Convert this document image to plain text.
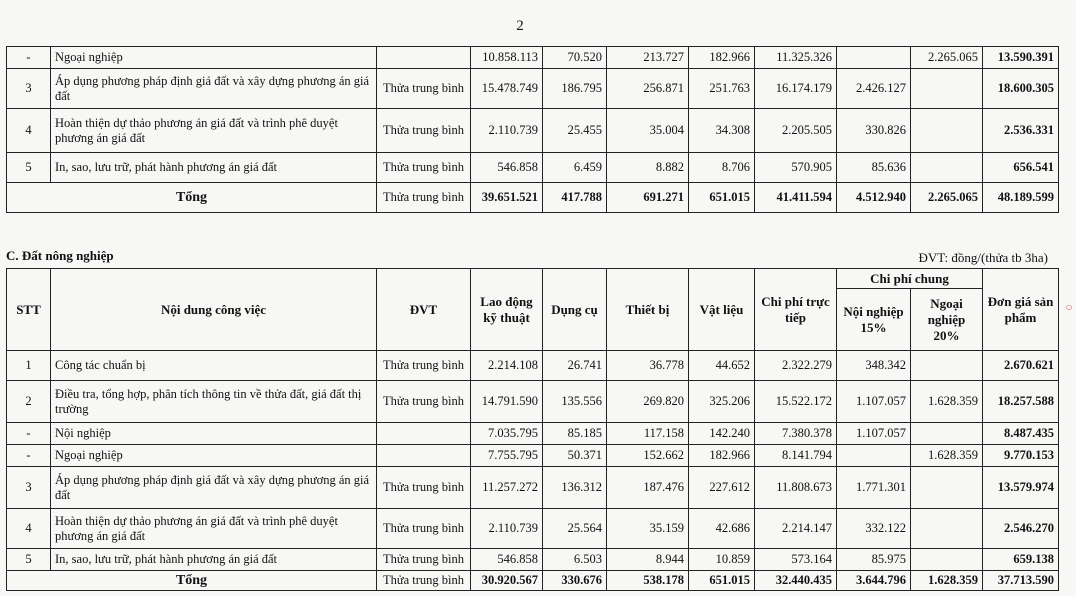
2
-	Ngoại nghiệp		10.858.113	70.520	213.727	182.966	11.325.326		2.265.065	13.590.391
3	Áp dụng phương pháp định giá đất và xây dựng phương án giá đất	Thửa trung bình	15.478.749	186.795	256.871	251.763	16.174.179	2.426.127		18.600.305
4	Hoàn thiện dự thảo phương án giá đất và trình phê duyệt phương án giá đất	Thửa trung bình	2.110.739	25.455	35.004	34.308	2.205.505	330.826		2.536.331
5	In, sao, lưu trữ, phát hành phương án giá đất	Thửa trung bình	546.858	6.459	8.882	8.706	570.905	85.636		656.541
Tổng		Thửa trung bình	39.651.521	417.788	691.271	651.015	41.411.594	4.512.940	2.265.065	48.189.599
C. Đất nông nghiệp	ĐVT: đồng/(thửa tb 3ha)
STT	Nội dung công việc	ĐVT	Lao động kỹ thuật	Dụng cụ	Thiết bị	Vật liệu	Chi phí trực tiếp	Chi phí chung		Đơn giá sản phẩm
								Nội nghiệp 15%	Ngoại nghiệp 20%	
1	Công tác chuẩn bị	Thửa trung bình	2.214.108	26.741	36.778	44.652	2.322.279	348.342		2.670.621
2	Điều tra, tổng hợp, phân tích thông tin về thửa đất, giá đất thị trường	Thửa trung bình	14.791.590	135.556	269.820	325.206	15.522.172	1.107.057	1.628.359	18.257.588
-	Nội nghiệp		7.035.795	85.185	117.158	142.240	7.380.378	1.107.057		8.487.435
-	Ngoại nghiệp		7.755.795	50.371	152.662	182.966	8.141.794		1.628.359	9.770.153
3	Áp dụng phương pháp định giá đất và xây dựng phương án giá đất	Thửa trung bình	11.257.272	136.312	187.476	227.612	11.808.673	1.771.301		13.579.974
4	Hoàn thiện dự thảo phương án giá đất và trình phê duyệt phương án giá đất	Thửa trung bình	2.110.739	25.564	35.159	42.686	2.214.147	332.122		2.546.270
5	In, sao, lưu trữ, phát hành phương án giá đất	Thửa trung bình	546.858	6.503	8.944	10.859	573.164	85.975		659.138
Tổng		Thửa trung bình	30.920.567	330.676	538.178	651.015	32.440.435	3.644.796	1.628.359	37.713.590
○
